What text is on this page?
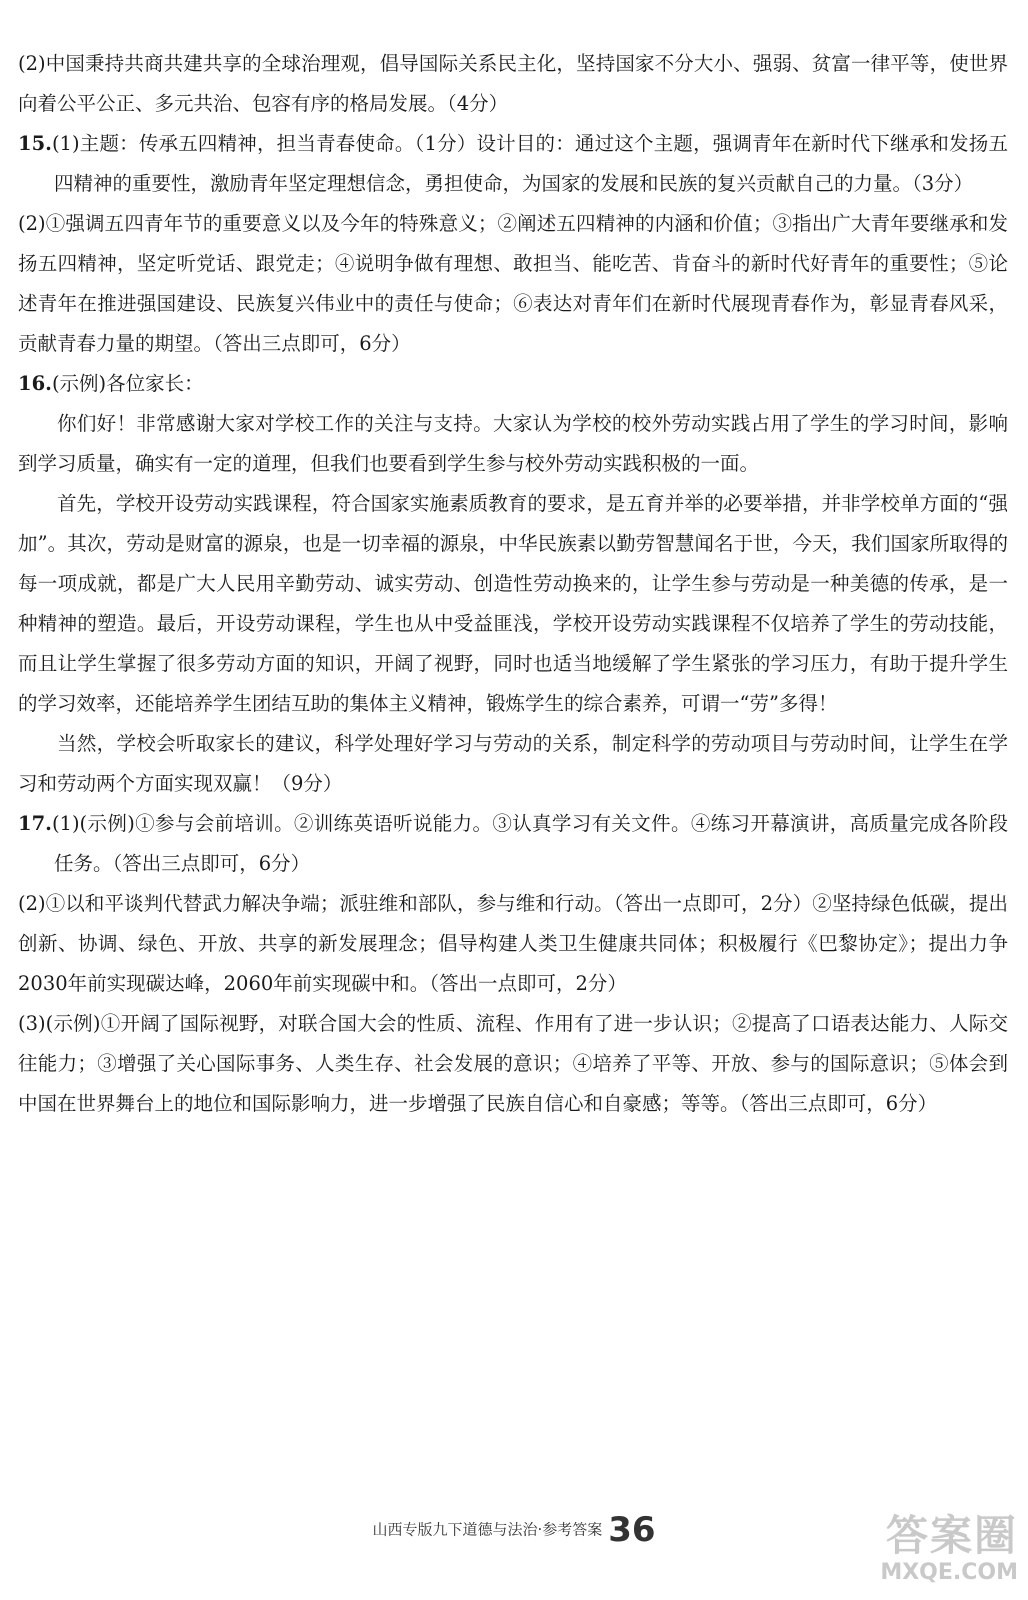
(2)中国秉持共商共建共享的全球治理观，倡导国际关系民主化，坚持国家不分大小、强弱、贫富一律平等，使世界向着公平公正、多元共治、包容有序的格局发展。（4分）

15.(1)主题：传承五四精神，担当青春使命。（1分）设计目的：通过这个主题，强调青年在新时代下继承和发扬五四精神的重要性，激励青年坚定理想信念，勇担使命，为国家的发展和民族的复兴贡献自己的力量。（3分）

(2)①强调五四青年节的重要意义以及今年的特殊意义；②阐述五四精神的内涵和价值；③指出广大青年要继承和发扬五四精神，坚定听党话、跟党走；④说明争做有理想、敢担当、能吃苦、肯奋斗的新时代好青年的重要性；⑤论述青年在推进强国建设、民族复兴伟业中的责任与使命；⑥表达对青年们在新时代展现青春作为，彰显青春风采，贡献青春力量的期望。（答出三点即可，6分）

16.(示例)各位家长：

你们好！非常感谢大家对学校工作的关注与支持。大家认为学校的校外劳动实践占用了学生的学习时间，影响到学习质量，确实有一定的道理，但我们也要看到学生参与校外劳动实践积极的一面。

首先，学校开设劳动实践课程，符合国家实施素质教育的要求，是五育并举的必要举措，并非学校单方面的“强加”。其次，劳动是财富的源泉，也是一切幸福的源泉，中华民族素以勤劳智慧闻名于世，今天，我们国家所取得的每一项成就，都是广大人民用辛勤劳动、诚实劳动、创造性劳动换来的，让学生参与劳动是一种美德的传承，是一种精神的塑造。最后，开设劳动课程，学生也从中受益匪浅，学校开设劳动实践课程不仅培养了学生的劳动技能，而且让学生掌握了很多劳动方面的知识，开阔了视野，同时也适当地缓解了学生紧张的学习压力，有助于提升学生的学习效率，还能培养学生团结互助的集体主义精神，锻炼学生的综合素养，可谓一“劳”多得！

当然，学校会听取家长的建议，科学处理好学习与劳动的关系，制定科学的劳动项目与劳动时间，让学生在学习和劳动两个方面实现双赢！（9分）

17.(1)(示例)①参与会前培训。②训练英语听说能力。③认真学习有关文件。④练习开幕演讲，高质量完成各阶段任务。（答出三点即可，6分）

(2)①以和平谈判代替武力解决争端；派驻维和部队，参与维和行动。（答出一点即可，2分）②坚持绿色低碳，提出创新、协调、绿色、开放、共享的新发展理念；倡导构建人类卫生健康共同体；积极履行《巴黎协定》；提出力争2030年前实现碳达峰，2060年前实现碳中和。（答出一点即可，2分）

(3)(示例)①开阔了国际视野，对联合国大会的性质、流程、作用有了进一步认识；②提高了口语表达能力、人际交往能力；③增强了关心国际事务、人类生存、社会发展的意识；④培养了平等、开放、参与的国际意识；⑤体会到中国在世界舞台上的地位和国际影响力，进一步增强了民族自信心和自豪感；等等。（答出三点即可，6分）

山西专版九下道德与法治·参考答案 36	答案圈
MXQE.COM
